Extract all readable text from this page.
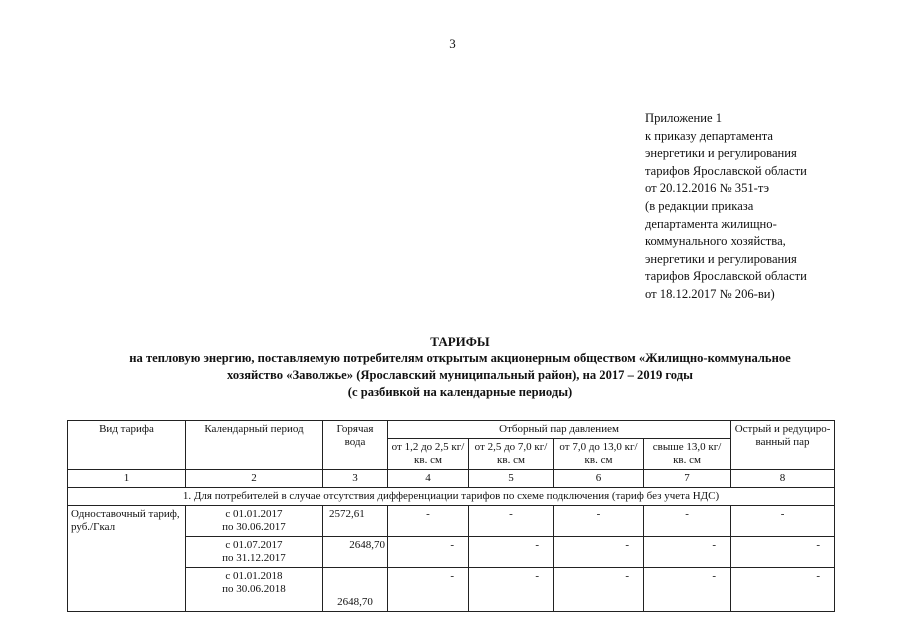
3
Приложение 1
к приказу департамента
энергетики и регулирования
тарифов Ярославской области
от 20.12.2016 № 351-тэ
(в редакции приказа
департамента жилищно-
коммунального хозяйства,
энергетики и регулирования
тарифов Ярославской области
от 18.12.2017 № 206-ви)
ТАРИФЫ
на тепловую энергию, поставляемую потребителям открытым акционерным обществом «Жилищно-коммунальное
хозяйство «Заволжье» (Ярославский муниципальный район), на 2017 – 2019 годы
(с разбивкой на календарные периоды)
Вид тарифа	Календарный период	Горячая вода	Отборный пар давлением				Острый и редуциро-ванный пар
			от 1,2 до 2,5 кг/кв. см	от 2,5 до 7,0 кг/кв. см	от 7,0 до 13,0 кг/кв. см	свыше 13,0 кг/кв. см	
1	2	3	4	5	6	7	8
1. Для потребителей в случае отсутствия дифференциации тарифов по схеме подключения (тариф без учета НДС)							
Одноставочный тариф, руб./Гкал	с 01.01.2017
по 30.06.2017	2572,61	-	-	-	-	-

	с 01.07.2017
по 31.12.2017	2648,70	-	-	-	-	-

	с 01.01.2018
по 30.06.2018	2648,70	-	-	-	-	-
